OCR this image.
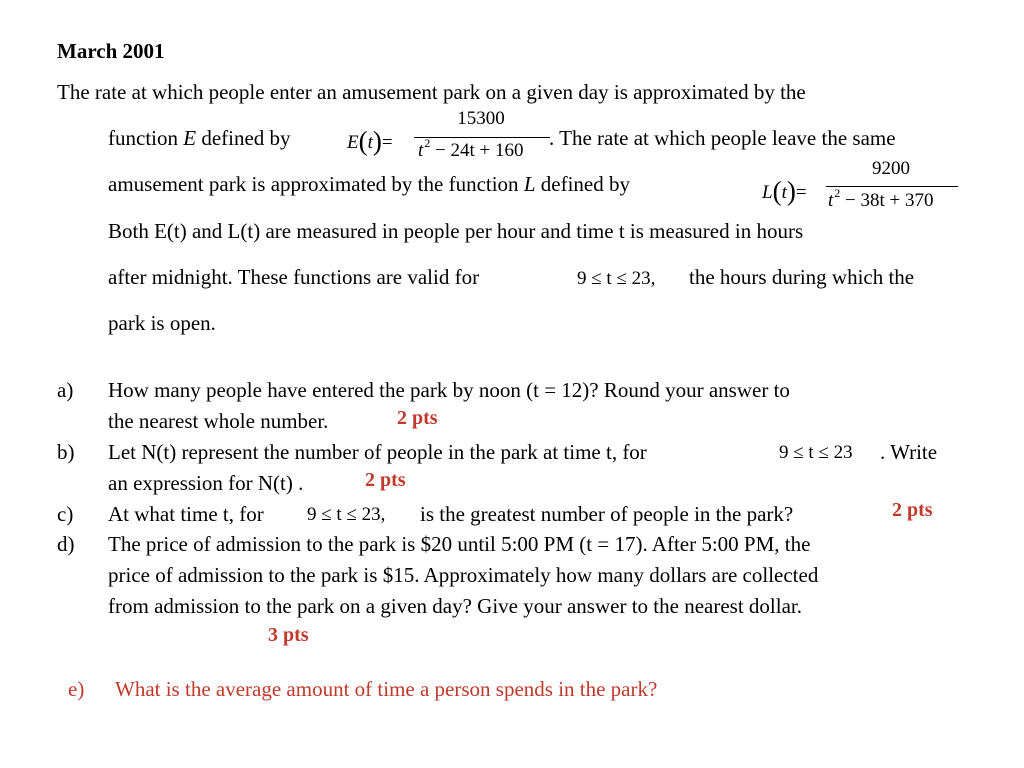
March 2001
The rate at which people enter an amusement park on a given day is approximated by the
function E defined by	E(t)=
15300
$t^2 - 24t + 160$
. The rate at which people leave the same
amusement park is approximated by the function L defined by	L(t)=
9200
$t^2 - 38t + 370$
Both E(t) and L(t) are measured in people per hour and time t is measured in hours
after midnight. These functions are valid for	9 ≤ t ≤ 23, the hours during which the
park is open.
a) How many people have entered the park by noon (t = 12)? Round your answer to
the nearest whole number.	2 pts
b) Let N(t) represent the number of people in the park at time t, for	9 ≤ t ≤ 23 . Write
an expression for N(t) .	2 pts
c) At what time t, for 9 ≤ t ≤ 23, is the greatest number of people in the park?	2 pts
d) The price of admission to the park is $20 until 5:00 PM (t = 17). After 5:00 PM, the
price of admission to the park is $15. Approximately how many dollars are collected
from admission to the park on a given day? Give your answer to the nearest dollar.
3 pts
e) What is the average amount of time a person spends in the park?
